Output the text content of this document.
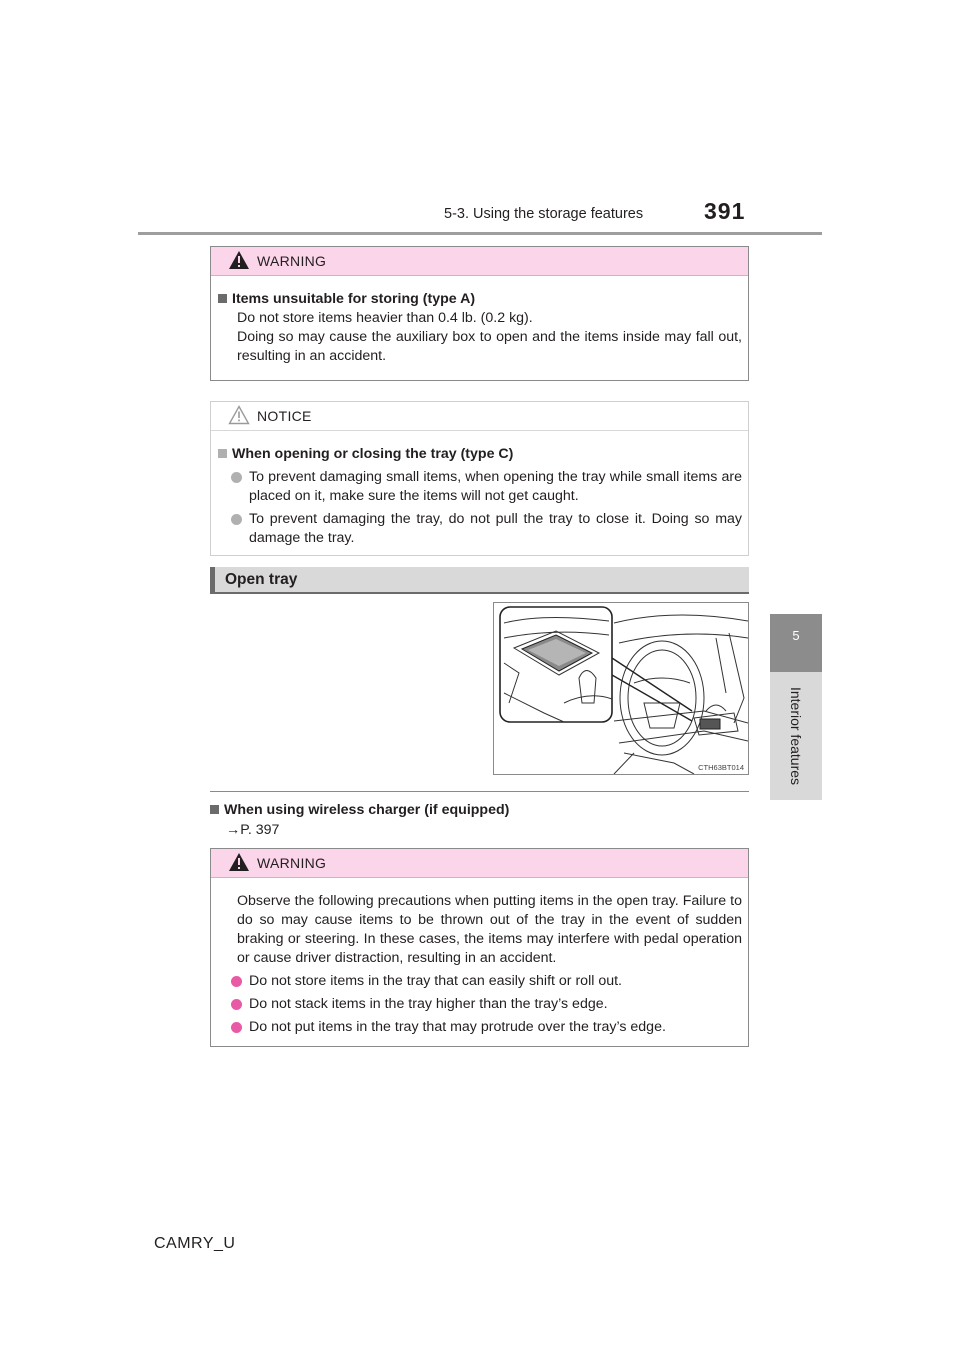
5-3. Using the storage features	391
5
Interior features
WARNING
Items unsuitable for storing (type A)
Do not store items heavier than 0.4 lb. (0.2 kg).
Doing so may cause the auxiliary box to open and the items inside may fall out, resulting in an accident.
NOTICE
When opening or closing the tray (type C)
To prevent damaging small items, when opening the tray while small items are placed on it, make sure the items will not get caught.
To prevent damaging the tray, do not pull the tray to close it. Doing so may damage the tray.
Open tray
CTH63BT014
When using wireless charger (if equipped)
→P. 397
WARNING
Observe the following precautions when putting items in the open tray. Failure to do so may cause items to be thrown out of the tray in the event of sudden braking or steering. In these cases, the items may interfere with pedal operation or cause driver distraction, resulting in an accident.
Do not store items in the tray that can easily shift or roll out.
Do not stack items in the tray higher than the tray’s edge.
Do not put items in the tray that may protrude over the tray’s edge.
CAMRY_U
